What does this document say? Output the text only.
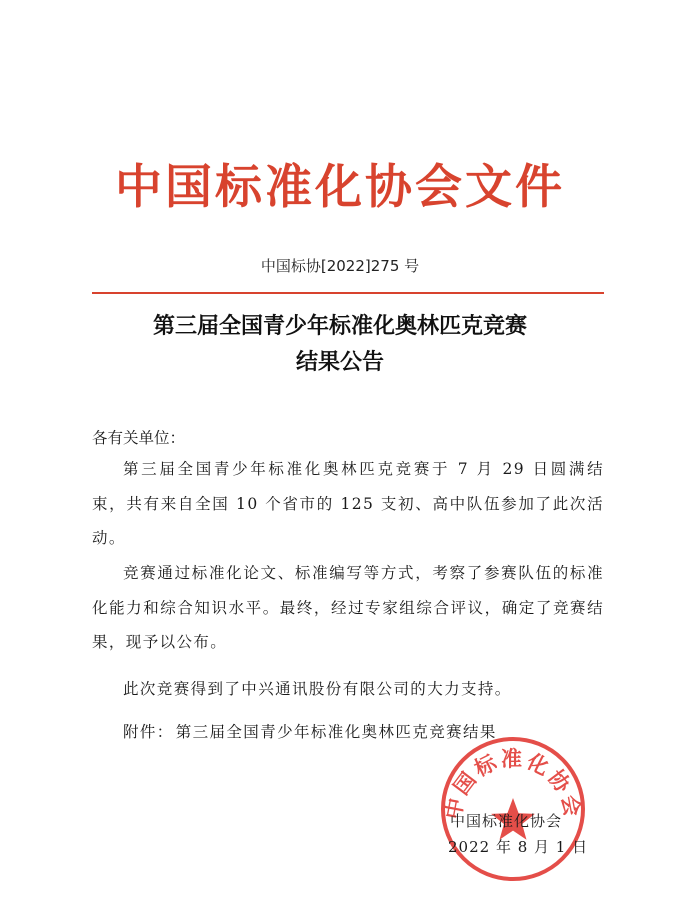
中国标准化协会文件
中国标协[2022]275 号
第三届全国青少年标准化奥林匹克竞赛
结果公告
各有关单位：
第三届全国青少年标准化奥林匹克竞赛于 7 月 29 日圆满结束，共有来自全国 10 个省市的 125 支初、高中队伍参加了此次活动。
竞赛通过标准化论文、标准编写等方式，考察了参赛队伍的标准化能力和综合知识水平。最终，经过专家组综合评议，确定了竞赛结果，现予以公布。
此次竞赛得到了中兴通讯股份有限公司的大力支持。
附件： 第三届全国青少年标准化奥林匹克竞赛结果
中国标准化协会
中国标准化协会
2022 年 8 月 1 日
